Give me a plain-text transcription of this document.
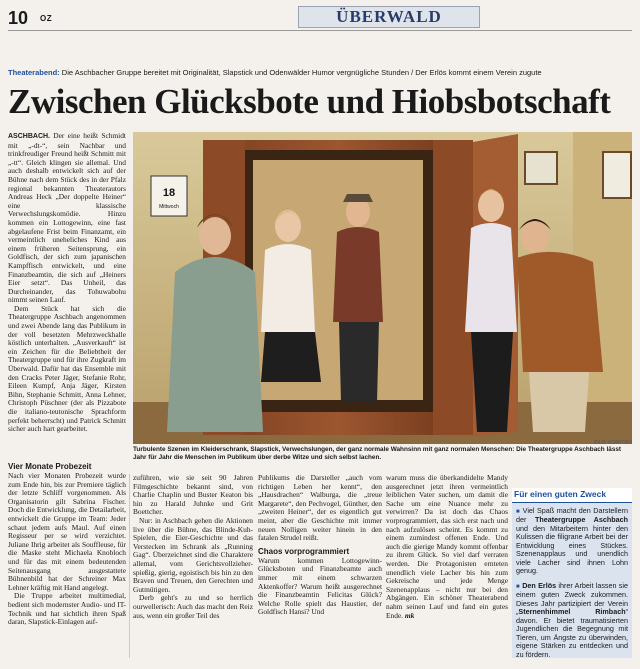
10 OZ	ÜBERWALD
Theaterabend: Die Aschbacher Gruppe bereitet mit Originalität, Slapstick und Odenwälder Humor vergnügliche Stunden / Der Erlös kommt einem Verein zugute
Zwischen Glücksbote und Hiobsbotschaft

ASCHBACH. Der eine heißt Schmidt mit „-dt-“, sein Nachbar und trinkfreudiger Freund heißt Schmitt mit „-tt“. Gleich klingen sie allemal. Und auch deshalb entwickelt sich auf der Bühne nach dem Stück des in der Pfalz regional bekannten Theaterautors Andreas Heck „Der doppelte Heiner“ eine klassische Verwechslungskomödie. Hinzu kommen ein Lottogewinn, eine fast abgelaufene Frist beim Finanzamt, ein vermeintlich uneheliches Kind aus einem früheren Seitensprung, ein Goldfisch, der sich zum japanischen Kampffisch entwickelt, und eine Finanzbeamtin, die sich auf „Heiners Eier setzt“. Das Unheil, das Durcheinander, das Tohuwabohu nimmt seinen Lauf.

Dem Stück hat sich die Theatergruppe Aschbach angenommen und zwei Abende lang das Publikum in der voll besetzten Mehrzweckhalle köstlich unterhalten. „Ausverkauft“ ist ein Zeichen für die Beliebtheit der Theatergruppe und für ihre Zugkraft im Überwald. Dafür hat das Ensemble mit den Cracks Peter Jäger, Stefanie Rohr, Eileen Kumpf, Anja Jäger, Kirsten Bihn, Stephanie Schmitt, Anna Lehner, Christoph Püschner (der als Pizzabote die italiano-teutonische Sprachform perfekt beherrscht) und Patrick Schmitt sicher auch hart gearbeitet.

18
Mittwoch
BILD: KONTOWI
Turbulente Szenen im Kleiderschrank, Slapstick, Verwechslungen, der ganz normale Wahnsinn mit ganz normalen Menschen: Die Theatergruppe Aschbach lässt Jahr für Jahr die Menschen im Publikum über derbe Witze und sich selbst lachen.

Vier Monate Probezeit

Nach vier Monaten Probezeit wurde zum Ende hin, bis zur Premiere täglich der letzte Schliff vorgenommen. Als Organisatorin gilt Sabrina Fischer. Doch die Entwicklung, die Detailarbeit, entwickelt die Gruppe im Team: Jeder schaut jedem aufs Maul. Auf einen Regisseur per se wird verzichtet. Juliane Ihrig arbeitet als Souffleuse, für die Maske steht Michaela Knobloch und für das mit einem bedeutenden Seitenausgang ausgestattete Bühnenbild hat der Schreiner Max Lehner kräftig mit Hand angelegt.

Die Truppe arbeitet multimedial, bedient sich modernster Audio- und IT-Technik und hat sichtlich ihren Spaß daran, Slapstick-Einlagen auf-

zuführen, wie sie seit 90 Jahren Filmgeschichte bekannt sind, von Charlie Chaplin und Buster Keaton bis hin zu Harald Juhnke und Grit Boettcher.

Nur: in Aschbach gehen die Aktionen live über die Bühne, das Blinde-Kuh-Spielen, die Eier-Geschichte und das Verstecken im Schrank als „Running Gag“. Überzeichnet sind die Charaktere allemal, vom Gerichtsvollzieher-spießig, gierig, egoistisch bis hin zu den Braven und Treuen, den Gerechten und Gutmütigen.

Derb geht's zu und so herrlich ourwellerisch: Auch das macht den Reiz aus, wenn ein großer Teil des

Publikums die Darsteller „auch vom richtigen Leben her kennt“, den „Hausdrachen“ Walburga, die „treue Margarete“, den Pechvogel, Günther, den „zweiten Heiner“, der es eigentlich gut meint, aber die Geschichte mit immer neuen Nolligen weiter hinein in den fatalen Strudel reißt.

Chaos vorprogrammiert

Warum kommen Lottogewinn-Glücksboten und Finanzbeamte auch immer mit einem schwarzen Aktenkoffer? Warum heißt ausgerechnet die Finanzbeamtin Felicitas Glück? Welche Rolle spielt das Haustier, der Goldfisch Hansi? Und

warum muss die überkandidelte Mandy ausgerechnet jetzt ihren vermeintlich leiblichen Vater suchen, um damit die Sache um eine Nuance mehr zu verwirren? Da ist doch das Chaos vorprogrammiert, das sich erst nach und nach aufzulösen scheint. Es kommt zu einem zumindest offenen Ende. Und auch die gierige Mandy kommt offenbar zu ihrem Glück. So viel darf verraten werden. Die Protagonisten ernteten unendlich viele Lacher bis hin zum Gekreische und jede Menge Szenenapplaus – nicht nur bei den Abgängen. Ein schöner Theaterabend nahm seinen Lauf und fand ein gutes Ende. mk

Für einen guten Zweck

■ Viel Spaß macht den Darstellern der Theatergruppe Aschbach und den Mitarbeitern hinter den Kulissen die filigrane Arbeit bei der Entwicklung eines Stückes. Szenenapplaus und unendlich viele Lacher sind ihnen Lohn genug.

■ Den Erlös ihrer Arbeit lassen sie einem guten Zweck zukommen. Dieses Jahr partizipiert der Verein „Sternenhimmel Rimbach“ davon. Er bietet traumatisierten Jugendlichen die Begegnung mit Tieren, um Ängste zu überwinden, eigene Stärken zu entdecken und zu fördern.
